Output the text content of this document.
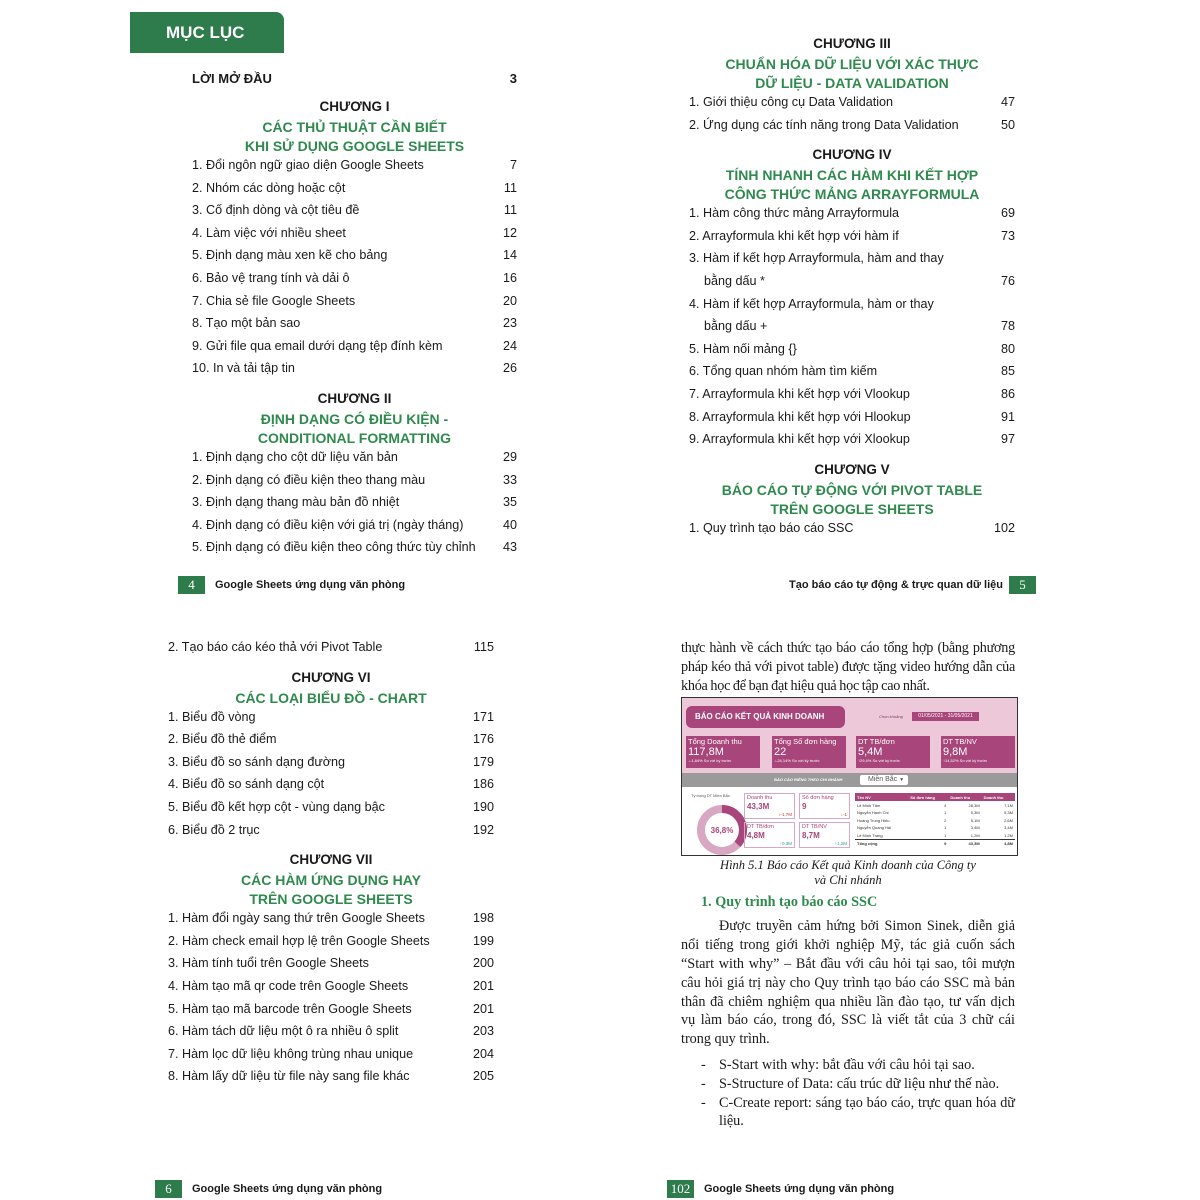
MỤC LỤC
LỜI MỞ ĐẦU	3
CHƯƠNG I
CÁC THỦ THUẬT CẦN BIẾT
KHI SỬ DỤNG GOOGLE SHEETS
1. Đổi ngôn ngữ giao diện Google Sheets	7
2. Nhóm các dòng hoặc cột	11
3. Cố định dòng và cột tiêu đề	11
4. Làm việc với nhiều sheet	12
5. Định dạng màu xen kẽ cho bảng	14
6. Bảo vệ trang tính và dải ô	16
7. Chia sẻ file Google Sheets	20
8. Tạo một bản sao	23
9. Gửi file qua email dưới dạng tệp đính kèm	24
10. In và tải tập tin	26
CHƯƠNG II
ĐỊNH DẠNG CÓ ĐIỀU KIỆN -
CONDITIONAL FORMATTING
1. Định dạng cho cột dữ liệu văn bản	29
2. Định dạng có điều kiện theo thang màu	33
3. Định dạng thang màu bản đồ nhiệt	35
4. Định dạng có điều kiện với giá trị (ngày tháng)	40
5. Định dạng có điều kiện theo công thức tùy chỉnh	43
4	Google Sheets ứng dụng văn phòng
CHƯƠNG III
CHUẨN HÓA DỮ LIỆU VỚI XÁC THỰC
DỮ LIỆU - DATA VALIDATION
1. Giới thiệu công cụ Data Validation	47
2. Ứng dụng các tính năng trong Data Validation	50
CHƯƠNG IV
TÍNH NHANH CÁC HÀM KHI KẾT HỢP
CÔNG THỨC MẢNG ARRAYFORMULA
1. Hàm công thức mảng Arrayformula	69
2. Arrayformula khi kết hợp với hàm if	73
3. Hàm if kết hợp Arrayformula, hàm and thay
bằng dấu *	76
4. Hàm if kết hợp Arrayformula, hàm or thay
bằng dấu +	78
5. Hàm nối mảng {}	80
6. Tổng quan nhóm hàm tìm kiếm	85
7. Arrayformula khi kết hợp với Vlookup	86
8. Arrayformula khi kết hợp với Hlookup	91
9. Arrayformula khi kết hợp với Xlookup	97
CHƯƠNG V
BÁO CÁO TỰ ĐỘNG VỚI PIVOT TABLE
TRÊN GOOGLE SHEETS
1. Quy trình tạo báo cáo SSC	102
Tạo báo cáo tự động & trực quan dữ liệu	5
2. Tạo báo cáo kéo thả với Pivot Table	115
CHƯƠNG VI
CÁC LOẠI BIỂU ĐỒ - CHART
1. Biểu đồ vòng	171
2. Biểu đồ thẻ điểm	176
3. Biểu đồ so sánh dạng đường	179
4. Biểu đồ so sánh dạng cột	186
5. Biểu đồ kết hợp cột - vùng dạng bậc	190
6. Biểu đồ 2 trục	192
CHƯƠNG VII
CÁC HÀM ỨNG DỤNG HAY
TRÊN GOOGLE SHEETS
1. Hàm đổi ngày sang thứ trên Google Sheets	198
2. Hàm check email hợp lệ trên Google Sheets	199
3. Hàm tính tuổi trên Google Sheets	200
4. Hàm tạo mã qr code trên Google Sheets	201
5. Hàm tạo mã barcode trên Google Sheets	201
6. Hàm tách dữ liệu một ô ra nhiều ô split	203
7. Hàm lọc dữ liệu không trùng nhau unique	204
8. Hàm lấy dữ liệu từ file này sang file khác	205
6	Google Sheets ứng dụng văn phòng
thực hành về cách thức tạo báo cáo tổng hợp (bằng phương pháp kéo thả với pivot table) được tặng video hướng dẫn của khóa học để bạn đạt hiệu quả học tập cao nhất.
BÁO CÁO KẾT QUẢ KINH DOANH	Chọn khoảng	01/05/2021 - 31/05/2021
Tổng Doanh thu
117,8M
↓-1,84% So với kỳ trước
Tổng Số đơn hàng
22
↓-24,14% So với kỳ trước
DT TB/đơn
5,4M
↑29,4% So với kỳ trước
DT TB/NV
9,8M
↑14,52% So với kỳ trước
BÁO CÁO RIÊNG THEO CHI NHÁNH	Miền Bắc ▼
Tỷ trọng DT Miền Bắc
36,8%
Doanh thu
43,3M
↓-1,7M
Số đơn hàng
9
↓-1
DT TB/đơn
4,8M
↑0,3M
DT TB/NV
8,7M
↑1,2M
Tên NV	Số đơn hàng	Doanh thu	Doanh thu
Lê Minh Tâm	4	28,3M	7,1M
Nguyễn Hạnh Chi	1	5,3M	5,3M
Hoàng Trung Hiếu	2	5,1M	2,6M
Nguyễn Quang Hải	1	3,4M	3,4M
Lê Minh Trang	1	1,2M	1,2M
Tổng cộng	9	43,3M	4,8M
Hình 5.1 Báo cáo Kết quả Kinh doanh của Công ty
và Chi nhánh
1. Quy trình tạo báo cáo SSC
Được truyền cảm hứng bởi Simon Sinek, diễn giả nổi tiếng trong giới khởi nghiệp Mỹ, tác giả cuốn sách “Start with why” – Bắt đầu với câu hỏi tại sao, tôi mượn câu hỏi giá trị này cho Quy trình tạo báo cáo SSC mà bản thân đã chiêm nghiệm qua nhiều lần đào tạo, tư vấn dịch vụ làm báo cáo, trong đó, SSC là viết tắt của 3 chữ cái trong quy trình.
- S-Start with why: bắt đầu với câu hỏi tại sao.
- S-Structure of Data: cấu trúc dữ liệu như thế nào.
- C-Create report: sáng tạo báo cáo, trực quan hóa dữ liệu.
102	Google Sheets ứng dụng văn phòng
